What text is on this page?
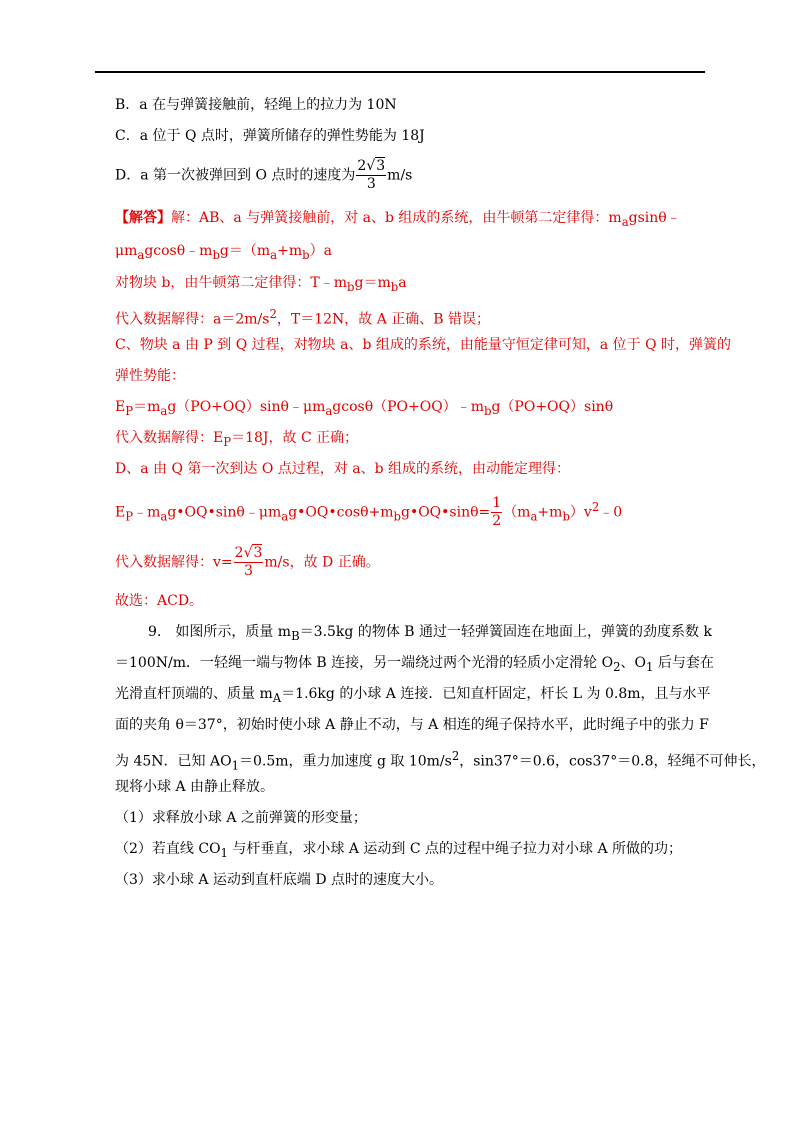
B．a 在与弹簧接触前，轻绳上的拉力为 10N
C．a 位于 Q 点时，弹簧所储存的弹性势能为 18J
D．a 第一次被弹回到 O 点时的速度为 $\frac{2√3}{3} m/s$
【解答】解：AB、a 与弹簧接触前，对 a、b 组成的系统，由牛顿第二定律得：$m_agsin\theta﹣$
$\mu m_agcos\theta﹣m_bg=(m_a+m_b)a$
对物块 b，由牛顿第二定律得：$T﹣m_bg=m_ba$
代入数据解得：$a=2m/s^2$，T＝12N，故 A 正确、B 错误；
C、物块 a 由 P 到 Q 过程，对物块 a、b 组成的系统，由能量守恒定律可知，a 位于 Q 时，弹簧的
弹性势能：
$E_P=m_ag(PO+OQ)\sin\theta﹣\mu m_agcos\theta(PO+OQ)﹣m_bg(PO+OQ)\sin\theta$
代入数据解得：$E_P=18J$，故 C 正确；
D、a 由 Q 第一次到达 O 点过程，对 a、b 组成的系统，由动能定理得：
$E_P﹣m_ag•OQ•\sin\theta﹣\mu m_ag•OQ•\cos\theta+m_bg•OQ•\sin\theta= \frac{1}{2}$ $(m_a+m_b)v^2﹣0$
代入数据解得：$v= \frac{2√3}{3} m/s$，故 D 正确。
故选：ACD。
9.　如图所示，质量 $m_B=3.5kg$ 的物体 B 通过一轻弹簧固连在地面上，弹簧的劲度系数 k
＝100N/m．一轻绳一端与物体 B 连接，另一端绕过两个光滑的轻质小定滑轮 $O_2$、$O_1$ 后与套在
光滑直杆顶端的、质量 $m_A=1.6kg$ 的小球 A 连接．已知直杆固定，杆长 L 为 0.8m，且与水平
面的夹角 θ＝37°，初始时使小球 A 静止不动，与 A 相连的绳子保持水平，此时绳子中的张力 F
为 45N．已知 $AO_1=0.5m$，重力加速度 g 取 $10m/s^2$，sin37°＝0.6，cos37°＝0.8，轻绳不可伸长，
现将小球 A 由静止释放。
（1）求释放小球 A 之前弹簧的形变量；
（2）若直线 $CO_1$ 与杆垂直，求小球 A 运动到 C 点的过程中绳子拉力对小球 A 所做的功；
（3）求小球 A 运动到直杆底端 D 点时的速度大小。
